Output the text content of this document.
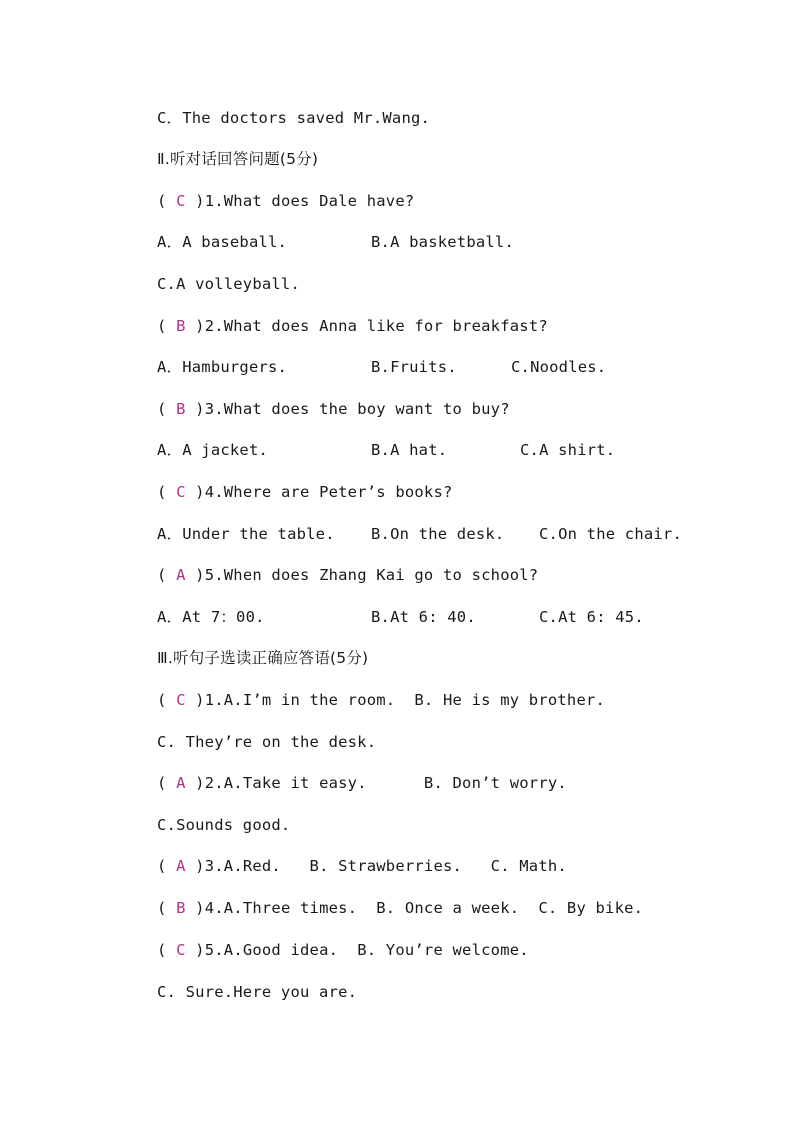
C．The doctors saved Mr.Wang.
Ⅱ.听对话回答问题(5分)
( C )1.What does Dale have?

A．A baseball.

	B.A basketball.

C.A volleyball.
( B )2.What does Anna like for breakfast?

A．Hamburgers.

	B.Fruits.

	C.Noodles.

( B )3.What does the boy want to buy?

A．A jacket.

	B.A hat.

	C.A shirt.

( C )4.Where are Peter’s books?

A．Under the table.

B.On the desk.

C.On the chair.

( A )5.When does Zhang Kai go to school?

A．At 7：00.

	B.At 6: 40.

	C.At 6: 45.

Ⅲ.听句子选读正确应答语(5分)
( C )1.A.I’m in the room.  B. He is my brother.
C. They’re on the desk.
( A )2.A.Take it easy.      B. Don’t worry.
C.Sounds good.
( A )3.A.Red.   B. Strawberries.   C. Math.
( B )4.A.Three times.  B. Once a week.  C. By bike.
( C )5.A.Good idea.  B. You’re welcome.
C. Sure.Here you are.
